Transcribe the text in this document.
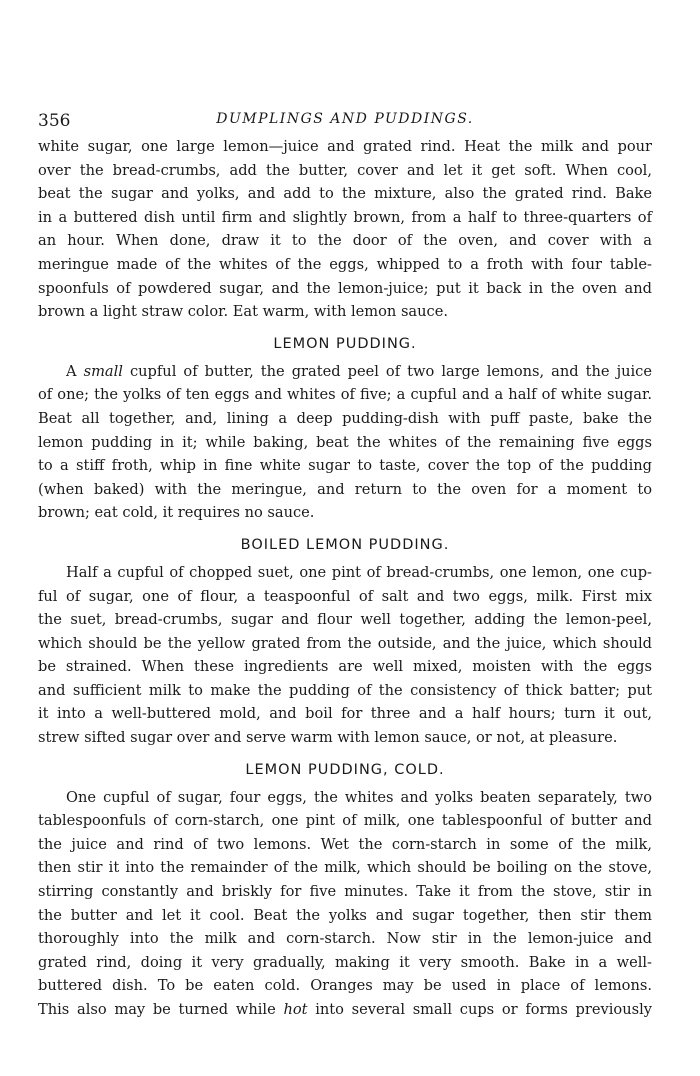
356	DUMPLINGS AND PUDDINGS.
white sugar, one large lemon—juice and grated rind. Heat the milk and pour
over the bread-crumbs, add the butter, cover and let it get soft. When cool,
beat the sugar and yolks, and add to the mixture, also the grated rind. Bake
in a buttered dish until firm and slightly brown, from a half to three-quarters of
an hour. When done, draw it to the door of the oven, and cover with a
meringue made of the whites of the eggs, whipped to a froth with four table-
spoonfuls of powdered sugar, and the lemon-juice; put it back in the oven and
brown a light straw color. Eat warm, with lemon sauce.
LEMON PUDDING.
A small cupful of butter, the grated peel of two large lemons, and the juice
of one; the yolks of ten eggs and whites of five; a cupful and a half of white sugar.
Beat all together, and, lining a deep pudding-dish with puff paste, bake the
lemon pudding in it; while baking, beat the whites of the remaining five eggs
to a stiff froth, whip in fine white sugar to taste, cover the top of the pudding
(when baked) with the meringue, and return to the oven for a moment to
brown; eat cold, it requires no sauce.
BOILED LEMON PUDDING.
Half a cupful of chopped suet, one pint of bread-crumbs, one lemon, one cup-
ful of sugar, one of flour, a teaspoonful of salt and two eggs, milk. First mix
the suet, bread-crumbs, sugar and flour well together, adding the lemon-peel,
which should be the yellow grated from the outside, and the juice, which should
be strained. When these ingredients are well mixed, moisten with the eggs
and sufficient milk to make the pudding of the consistency of thick batter; put
it into a well-buttered mold, and boil for three and a half hours; turn it out,
strew sifted sugar over and serve warm with lemon sauce, or not, at pleasure.
LEMON PUDDING, COLD.
One cupful of sugar, four eggs, the whites and yolks beaten separately, two
tablespoonfuls of corn-starch, one pint of milk, one tablespoonful of butter and
the juice and rind of two lemons. Wet the corn-starch in some of the milk,
then stir it into the remainder of the milk, which should be boiling on the stove,
stirring constantly and briskly for five minutes. Take it from the stove, stir in
the butter and let it cool. Beat the yolks and sugar together, then stir them
thoroughly into the milk and corn-starch. Now stir in the lemon-juice and
grated rind, doing it very gradually, making it very smooth. Bake in a well-
buttered dish. To be eaten cold. Oranges may be used in place of lemons.
This also may be turned while hot into several small cups or forms previously
